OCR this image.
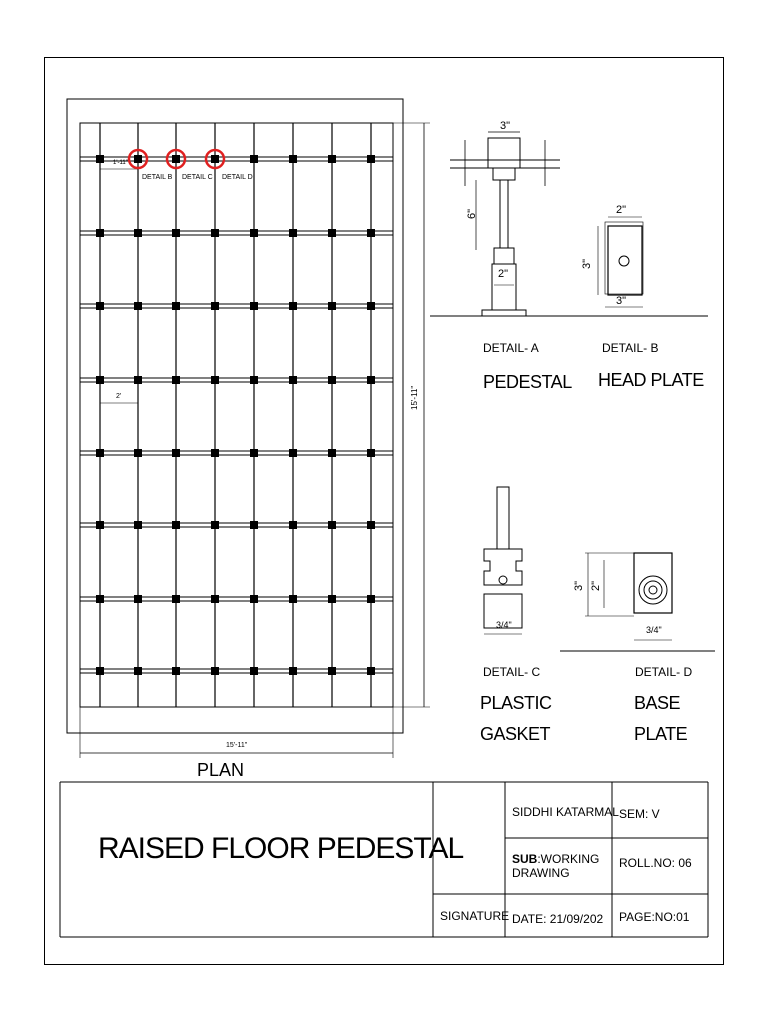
1'-11"
2'
DETAIL B DETAIL C DETAIL D
15'-11"
15'-11"
PLAN
3"
6"
2"
2"
3"
3"
3/4"
3" 2"
3/4"
DETAIL- A
PEDESTAL
DETAIL- B
HEAD PLATE
DETAIL- C
PLASTIC
GASKET
DETAIL- D
BASE
PLATE
RAISED FLOOR PEDESTAL
SIDDHI KATARMAL SEM: V
SUB:WORKING
DRAWING
ROLL.NO: 06
SIGNATURE DATE: 21/09/202 PAGE:NO:01
